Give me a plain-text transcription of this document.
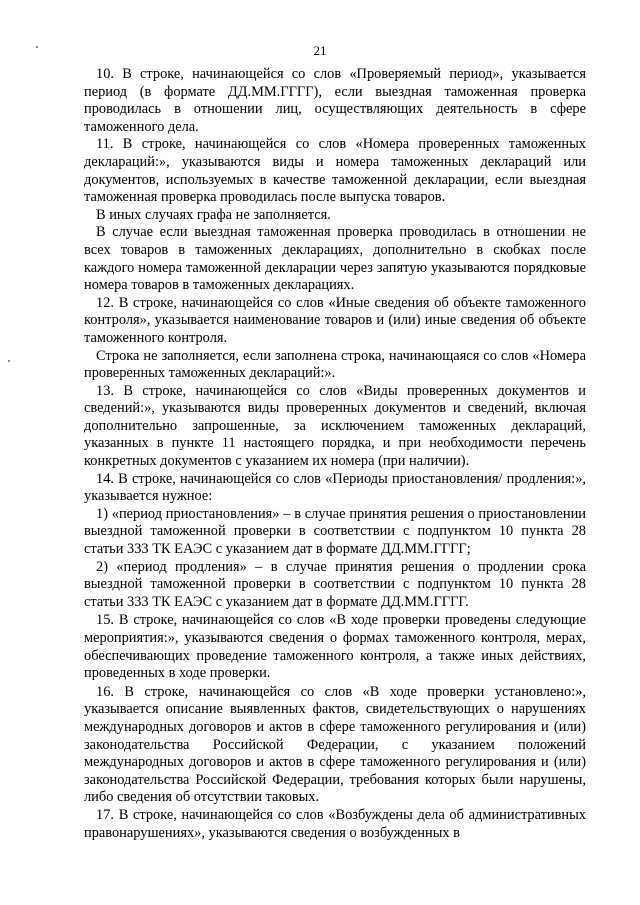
21

10. В строке, начинающейся со слов «Проверяемый период», указывается период (в формате ДД.ММ.ГГГГ), если выездная таможенная проверка проводилась в отношении лиц, осуществляющих деятельность в сфере таможенного дела.

11. В строке, начинающейся со слов «Номера проверенных таможенных деклараций:», указываются виды и номера таможенных деклараций или документов, используемых в качестве таможенной декларации, если выездная таможенная проверка проводилась после выпуска товаров.

В иных случаях графа не заполняется.

В случае если выездная таможенная проверка проводилась в отношении не всех товаров в таможенных декларациях, дополнительно в скобках после каждого номера таможенной декларации через запятую указываются порядковые номера товаров в таможенных декларациях.

12. В строке, начинающейся со слов «Иные сведения об объекте таможенного контроля», указывается наименование товаров и (или) иные сведения об объекте таможенного контроля.

Строка не заполняется, если заполнена строка, начинающаяся со слов «Номера проверенных таможенных деклараций:».

13. В строке, начинающейся со слов «Виды проверенных документов и сведений:», указываются виды проверенных документов и сведений, включая дополнительно запрошенные, за исключением таможенных деклараций, указанных в пункте 11 настоящего порядка, и при необходимости перечень конкретных документов с указанием их номера (при наличии).

14. В строке, начинающейся со слов «Периоды приостановления/ продления:», указывается нужное:

1) «период приостановления» – в случае принятия решения о приостановлении выездной таможенной проверки в соответствии с подпунктом 10 пункта 28 статьи 333 ТК ЕАЭС с указанием дат в формате ДД.ММ.ГГГГ;

2) «период продления» – в случае принятия решения о продлении срока выездной таможенной проверки в соответствии с подпунктом 10 пункта 28 статьи 333 ТК ЕАЭС с указанием дат в формате ДД.ММ.ГГГГ.

15. В строке, начинающейся со слов «В ходе проверки проведены следующие мероприятия:», указываются сведения о формах таможенного контроля, мерах, обеспечивающих проведение таможенного контроля, а также иных действиях, проведенных в ходе проверки.

16. В строке, начинающейся со слов «В ходе проверки установлено:», указывается описание выявленных фактов, свидетельствующих о нарушениях международных договоров и актов в сфере таможенного регулирования и (или) законодательства Российской Федерации, с указанием положений международных договоров и актов в сфере таможенного регулирования и (или) законодательства Российской Федерации, требования которых были нарушены, либо сведения об отсутствии таковых.

17. В строке, начинающейся со слов «Возбуждены дела об административных правонарушениях», указываются сведения о возбужденных в
